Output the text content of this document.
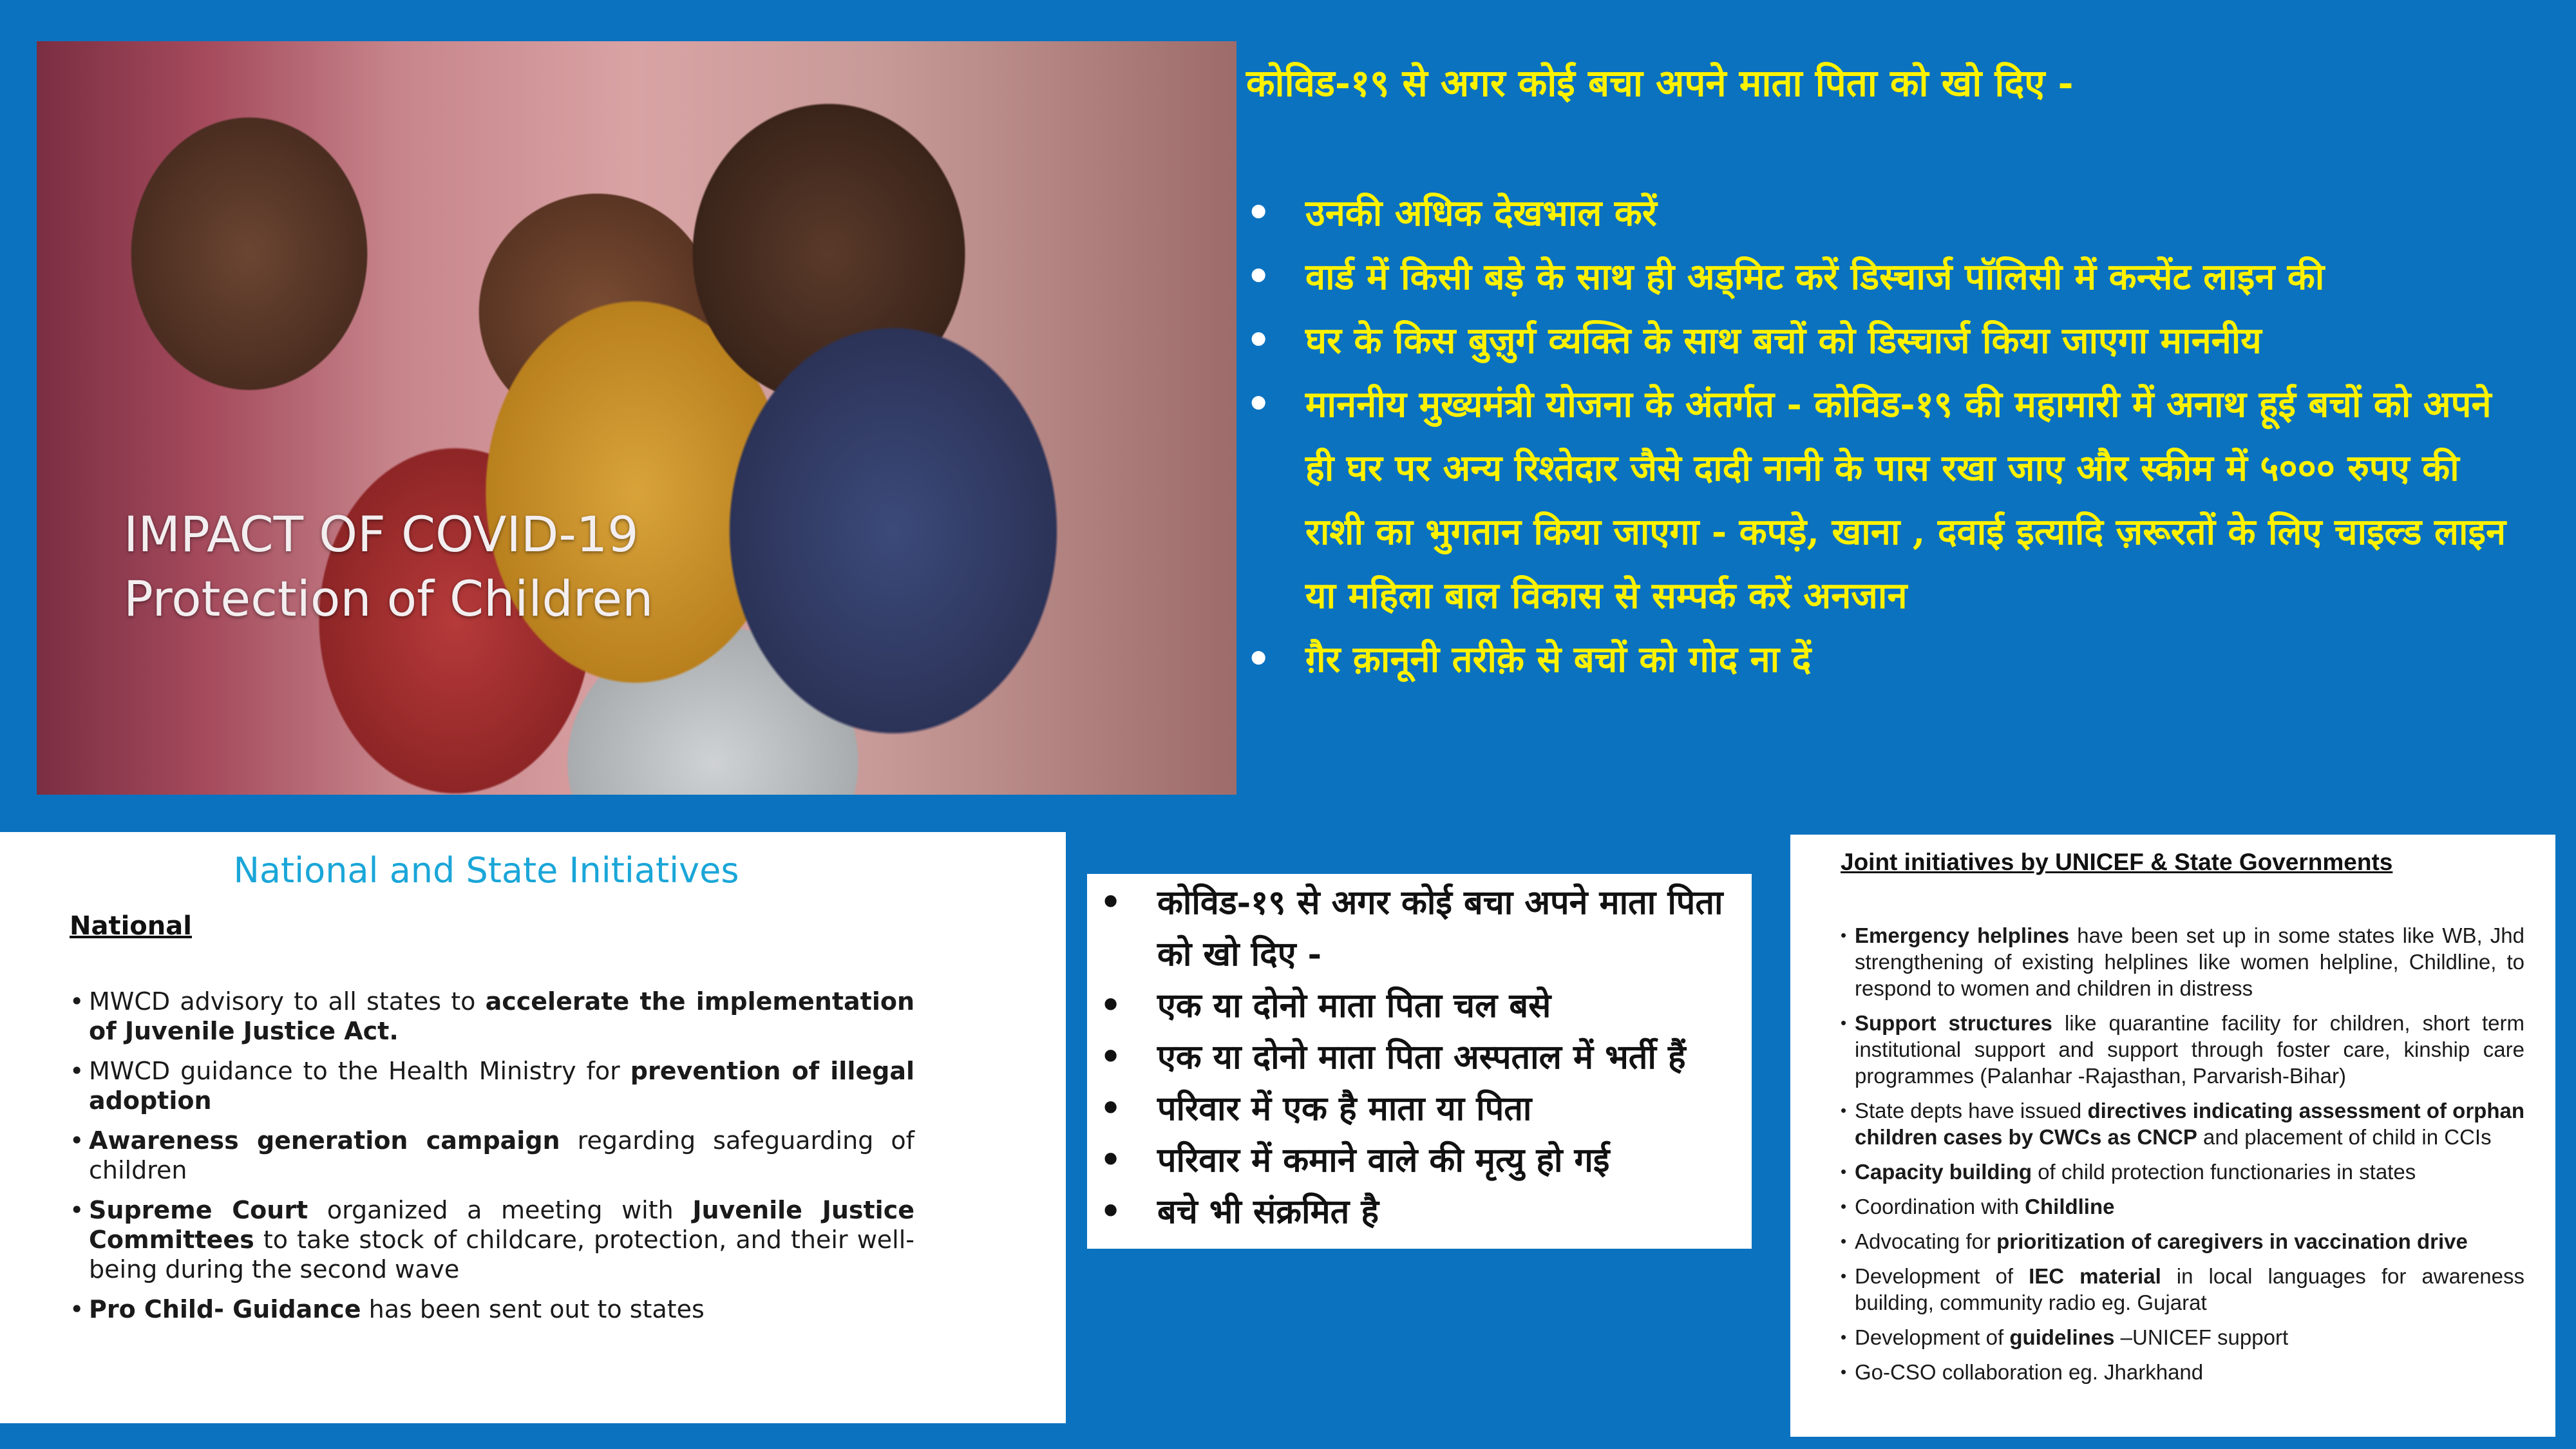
IMPACT OF COVID-19
Protection of Children
कोविड-१९ से अगर कोई बचा अपने माता पिता को खो दिए -
• उनकी अधिक देखभाल करें
• वार्ड में किसी बड़े के साथ ही अड्मिट करें डिस्चार्ज पॉलिसी में कन्सेंट लाइन की
• घर के किस बुज़ुर्ग व्यक्ति के साथ बचों को डिस्चार्ज किया जाएगा माननीय
• माननीय मुख्यमंत्री योजना के अंतर्गत - कोविड-१९ की महामारी में अनाथ हूई बचों को अपने ही घर पर अन्य रिश्तेदार जैसे दादी नानी के पास रखा जाए और स्कीम में ५००० रुपए की राशी का भुगतान किया जाएगा - कपड़े, खाना , दवाई इत्यादि ज़रूरतों के लिए चाइल्ड लाइन या महिला बाल विकास से सम्पर्क करें अनजान
• ग़ैर क़ानूनी तरीक़े से बचों को गोद ना दें
National and State Initiatives
National
• MWCD advisory to all states to accelerate the implementation of Juvenile Justice Act.
• MWCD guidance to the Health Ministry for prevention of illegal adoption
• Awareness generation campaign regarding safeguarding of children
• Supreme Court organized a meeting with Juvenile Justice Committees to take stock of childcare, protection, and their well-being during the second wave
• Pro Child- Guidance has been sent out to states
• कोविड-१९ से अगर कोई बचा अपने माता पिता को खो दिए -
• एक या दोनो माता पिता चल बसे
• एक या दोनो माता पिता अस्पताल में भर्ती हैं
• परिवार में एक है माता या पिता
• परिवार में कमाने वाले की मृत्यु हो गई
• बचे भी संक्रमित है
Joint initiatives by UNICEF & State Governments
• Emergency helplines have been set up in some states like WB, Jhd strengthening of existing helplines like women helpline, Childline, to respond to women and children in distress
• Support structures like quarantine facility for children, short term institutional support and support through foster care, kinship care programmes (Palanhar -Rajasthan, Parvarish-Bihar)
• State depts have issued directives indicating assessment of orphan children cases by CWCs as CNCP and placement of child in CCIs
• Capacity building of child protection functionaries in states
• Coordination with Childline
• Advocating for prioritization of caregivers in vaccination drive
• Development of IEC material in local languages for awareness building, community radio eg. Gujarat
• Development of guidelines –UNICEF support
• Go-CSO collaboration eg. Jharkhand
